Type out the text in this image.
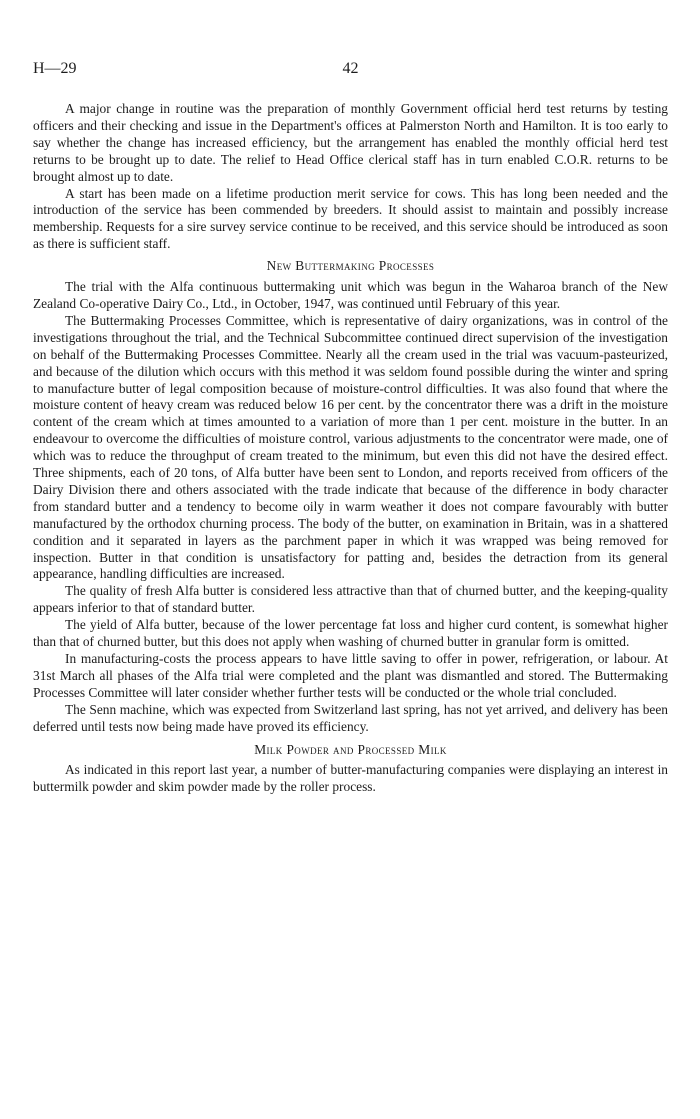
H—29	42

A major change in routine was the preparation of monthly Government official herd test returns by testing officers and their checking and issue in the Department's offices at Palmerston North and Hamilton. It is too early to say whether the change has increased efficiency, but the arrangement has enabled the monthly official herd test returns to be brought up to date. The relief to Head Office clerical staff has in turn enabled C.O.R. returns to be brought almost up to date.

A start has been made on a lifetime production merit service for cows. This has long been needed and the introduction of the service has been commended by breeders. It should assist to maintain and possibly increase membership. Requests for a sire survey service continue to be received, and this service should be introduced as soon as there is sufficient staff.

New Buttermaking Processes

The trial with the Alfa continuous buttermaking unit which was begun in the Waharoa branch of the New Zealand Co-operative Dairy Co., Ltd., in October, 1947, was continued until February of this year.

The Buttermaking Processes Committee, which is representative of dairy organizations, was in control of the investigations throughout the trial, and the Technical Subcommittee continued direct supervision of the investigation on behalf of the Buttermaking Processes Committee. Nearly all the cream used in the trial was vacuum-pasteurized, and because of the dilution which occurs with this method it was seldom found possible during the winter and spring to manufacture butter of legal composition because of moisture-control difficulties. It was also found that where the moisture content of heavy cream was reduced below 16 per cent. by the concentrator there was a drift in the moisture content of the cream which at times amounted to a variation of more than 1 per cent. moisture in the butter. In an endeavour to overcome the difficulties of moisture control, various adjustments to the concentrator were made, one of which was to reduce the throughput of cream treated to the minimum, but even this did not have the desired effect. Three shipments, each of 20 tons, of Alfa butter have been sent to London, and reports received from officers of the Dairy Division there and others associated with the trade indicate that because of the difference in body character from standard butter and a tendency to become oily in warm weather it does not compare favourably with butter manufactured by the orthodox churning process. The body of the butter, on examination in Britain, was in a shattered condition and it separated in layers as the parchment paper in which it was wrapped was being removed for inspection. Butter in that condition is unsatisfactory for patting and, besides the detraction from its general appearance, handling difficulties are increased.

The quality of fresh Alfa butter is considered less attractive than that of churned butter, and the keeping-quality appears inferior to that of standard butter.

The yield of Alfa butter, because of the lower percentage fat loss and higher curd content, is somewhat higher than that of churned butter, but this does not apply when washing of churned butter in granular form is omitted.

In manufacturing-costs the process appears to have little saving to offer in power, refrigeration, or labour. At 31st March all phases of the Alfa trial were completed and the plant was dismantled and stored. The Buttermaking Processes Committee will later consider whether further tests will be conducted or the whole trial concluded.

The Senn machine, which was expected from Switzerland last spring, has not yet arrived, and delivery has been deferred until tests now being made have proved its efficiency.

Milk Powder and Processed Milk

As indicated in this report last year, a number of butter-manufacturing companies were displaying an interest in buttermilk powder and skim powder made by the roller process.
